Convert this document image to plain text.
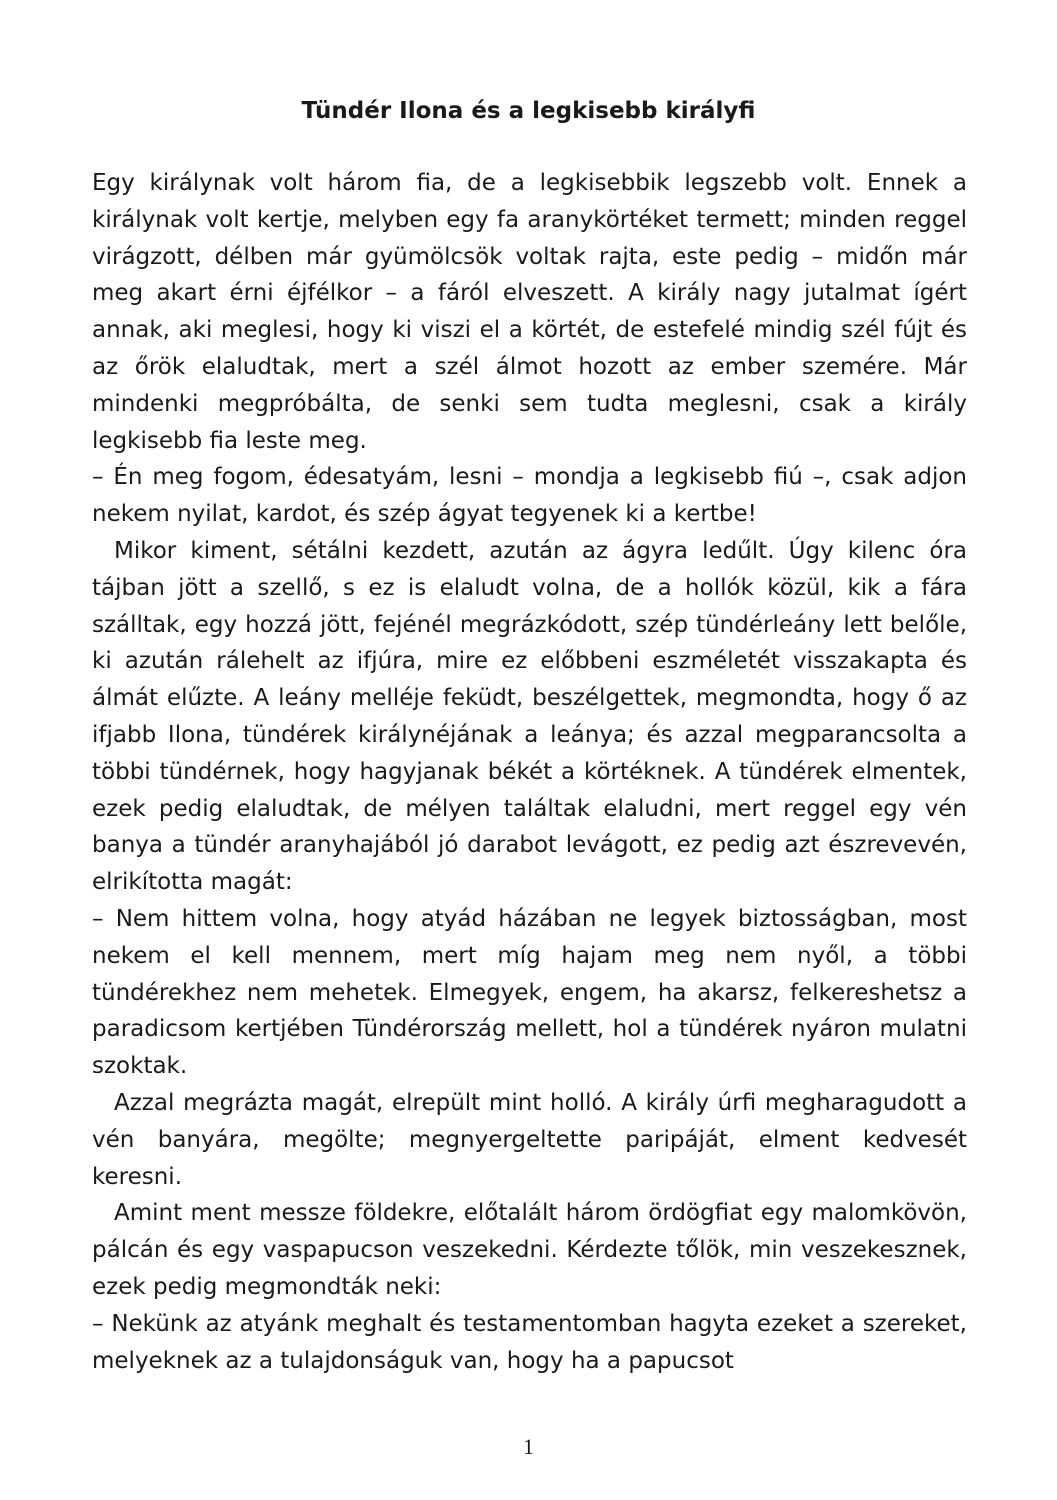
Tündér Ilona és a legkisebb királyfi

Egy királynak volt három fia, de a legkisebbik legszebb volt. Ennek a királynak volt kertje, melyben egy fa aranykörtéket termett; minden reggel virágzott, délben már gyümölcsök voltak rajta, este pedig – midőn már meg akart érni éjfélkor – a fáról elveszett. A király nagy jutalmat ígért annak, aki meglesi, hogy ki viszi el a körtét, de estefelé mindig szél fújt és az őrök elaludtak, mert a szél álmot hozott az ember szemére. Már mindenki megpróbálta, de senki sem tudta meglesni, csak a király legkisebb fia leste meg.

– Én meg fogom, édesatyám, lesni – mondja a legkisebb fiú –, csak adjon nekem nyilat, kardot, és szép ágyat tegyenek ki a kertbe!

Mikor kiment, sétálni kezdett, azután az ágyra ledűlt. Úgy kilenc óra tájban jött a szellő, s ez is elaludt volna, de a hollók közül, kik a fára szálltak, egy hozzá jött, fejénél megrázkódott, szép tündérleány lett belőle, ki azután rálehelt az ifjúra, mire ez előbbeni eszméletét visszakapta és álmát elűzte. A leány melléje feküdt, beszélgettek, megmondta, hogy ő az ifjabb Ilona, tündérek királynéjának a leánya; és azzal megparancsolta a többi tündérnek, hogy hagyjanak békét a körtéknek. A tündérek elmentek, ezek pedig elaludtak, de mélyen találtak elaludni, mert reggel egy vén banya a tündér aranyhajából jó darabot levágott, ez pedig azt észrevevén, elrikította magát:

– Nem hittem volna, hogy atyád házában ne legyek biztosságban, most nekem el kell mennem, mert míg hajam meg nem nyől, a többi tündérekhez nem mehetek. Elmegyek, engem, ha akarsz, felkereshetsz a paradicsom kertjében Tündérország mellett, hol a tündérek nyáron mulatni szoktak.

Azzal megrázta magát, elrepült mint holló. A király úrfi megharagudott a vén banyára, megölte; megnyergeltette paripáját, elment kedvesét keresni.

Amint ment messze földekre, előtalált három ördögfiat egy malomkövön, pálcán és egy vaspapucson veszekedni. Kérdezte tőlök, min veszekesznek, ezek pedig megmondták neki:

– Nekünk az atyánk meghalt és testamentomban hagyta ezeket a szereket, melyeknek az a tulajdonságuk van, hogy ha a papucsot

1
